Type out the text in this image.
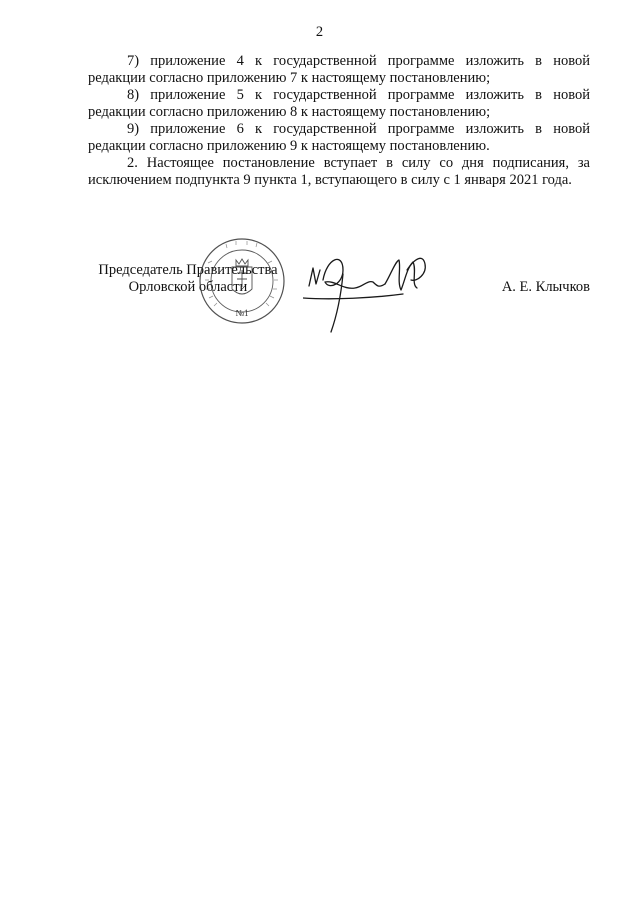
2

7) приложение 4 к государственной программе изложить в новой редакции согласно приложению 7 к настоящему постановлению;

8) приложение 5 к государственной программе изложить в новой редакции согласно приложению 8 к настоящему постановлению;

9) приложение 6 к государственной программе изложить в новой редакции согласно приложению 9 к настоящему постановлению.

2. Настоящее постановление вступает в силу со дня подписания, за исключением подпункта 9 пункта 1, вступающего в силу с 1 января 2021 года.

Председатель Правительства
Орловской области
№1
А. Е. Клычков
